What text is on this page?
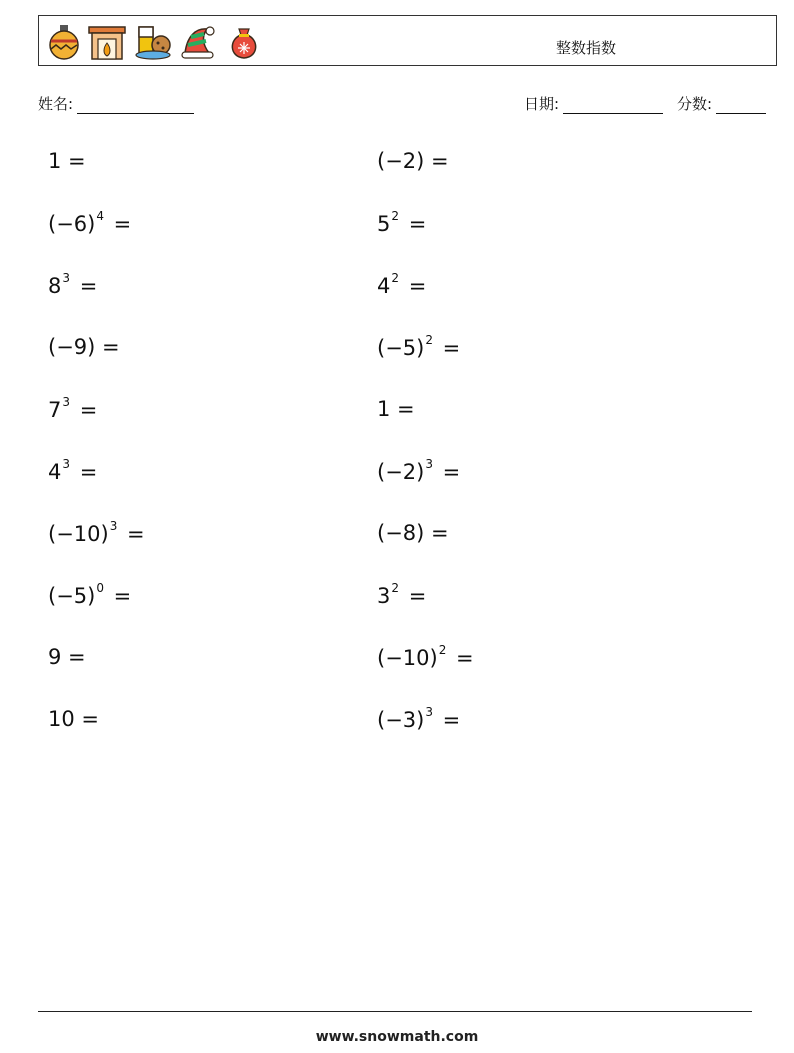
整数指数
姓名:	日期:	分数:
1 =
$(-6)^4$ =
$8^3$ =
(−9) =
$7^3$ =
$4^3$ =
$(-10)^3$ =
$(-5)^0$ =
9 =
10 =
(−2) =
$5^2$ =
$4^2$ =
$(-5)^2$ =
1 =
$(-2)^3$ =
(−8) =
$3^2$ =
$(-10)^2$ =
$(-3)^3$ =
www.snowmath.com
